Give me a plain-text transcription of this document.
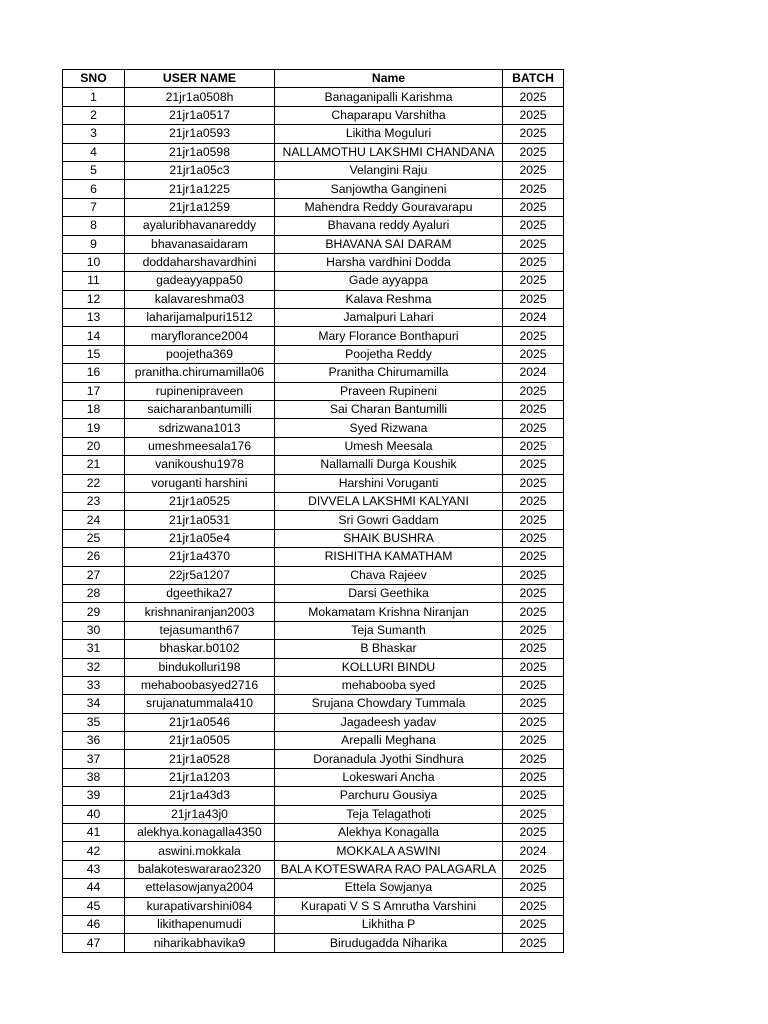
SNO	USER NAME	Name	BATCH
1	21jr1a0508h	Banaganipalli Karishma	2025
2	21jr1a0517	Chaparapu Varshitha	2025
3	21jr1a0593	Likitha Moguluri	2025
4	21jr1a0598	NALLAMOTHU LAKSHMI CHANDANA	2025
5	21jr1a05c3	Velangini Raju	2025
6	21jr1a1225	Sanjowtha Gangineni	2025
7	21jr1a1259	Mahendra Reddy Gouravarapu	2025
8	ayaluribhavanareddy	Bhavana reddy Ayaluri	2025
9	bhavanasaidaram	BHAVANA SAI DARAM	2025
10	doddaharshavardhini	Harsha vardhini Dodda	2025
11	gadeayyappa50	Gade ayyappa	2025
12	kalavareshma03	Kalava Reshma	2025
13	laharijamalpuri1512	Jamalpuri Lahari	2024
14	maryflorance2004	Mary Florance Bonthapuri	2025
15	poojetha369	Poojetha Reddy	2025
16	pranitha.chirumamilla06	Pranitha Chirumamilla	2024
17	rupinenipraveen	Praveen Rupineni	2025
18	saicharanbantumilli	Sai Charan Bantumilli	2025
19	sdrizwana1013	Syed Rizwana	2025
20	umeshmeesala176	Umesh Meesala	2025
21	vanikoushu1978	Nallamalli Durga Koushik	2025
22	voruganti harshini	Harshini Voruganti	2025
23	21jr1a0525	DIVVELA LAKSHMI KALYANI	2025
24	21jr1a0531	Sri Gowri Gaddam	2025
25	21jr1a05e4	SHAIK BUSHRA	2025
26	21jr1a4370	RISHITHA KAMATHAM	2025
27	22jr5a1207	Chava Rajeev	2025
28	dgeethika27	Darsi Geethika	2025
29	krishnaniranjan2003	Mokamatam Krishna Niranjan	2025
30	tejasumanth67	Teja Sumanth	2025
31	bhaskar.b0102	B Bhaskar	2025
32	bindukolluri198	KOLLURI BINDU	2025
33	mehaboobasyed2716	mehabooba syed	2025
34	srujanatummala410	Srujana Chowdary Tummala	2025
35	21jr1a0546	Jagadeesh yadav	2025
36	21jr1a0505	Arepalli Meghana	2025
37	21jr1a0528	Doranadula Jyothi Sindhura	2025
38	21jr1a1203	Lokeswari Ancha	2025
39	21jr1a43d3	Parchuru Gousiya	2025
40	21jr1a43j0	Teja Telagathoti	2025
41	alekhya.konagalla4350	Alekhya Konagalla	2025
42	aswini.mokkala	MOKKALA ASWINI	2024
43	balakoteswararao2320	BALA KOTESWARA RAO PALAGARLA	2025
44	ettelasowjanya2004	Ettela Sowjanya	2025
45	kurapativarshini084	Kurapati V S S Amrutha Varshini	2025
46	likithapenumudi	Likhitha P	2025
47	niharikabhavika9	Birudugadda Niharika	2025
